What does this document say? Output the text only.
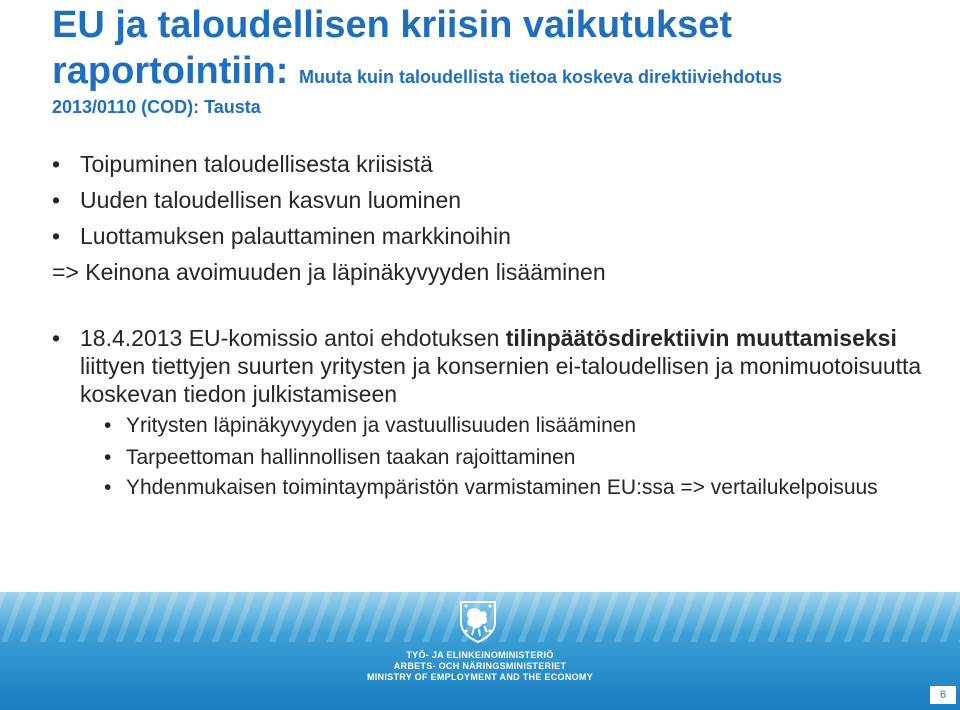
EU ja taloudellisen kriisin vaikutukset
raportointiin: Muuta kuin taloudellista tietoa koskeva direktiiviehdotus
2013/0110 (COD): Tausta
• Toipuminen taloudellisesta kriisistä
• Uuden taloudellisen kasvun luominen
• Luottamuksen palauttaminen markkinoihin
=> Keinona avoimuuden ja läpinäkyvyyden lisääminen
• 18.4.2013 EU-komissio antoi ehdotuksen tilinpäätösdirektiivin muuttamiseksi liittyen tiettyjen suurten yritysten ja konsernien ei-taloudellisen ja monimuotoisuutta koskevan tiedon julkistamiseen
• Yritysten läpinäkyvyyden ja vastuullisuuden lisääminen
• Tarpeettoman hallinnollisen taakan rajoittaminen
• Yhdenmukaisen toimintaympäristön varmistaminen EU:ssa => vertailukelpoisuus
TYÖ- JA ELINKEINOMINISTERIÖ
ARBETS- OCH NÄRINGSMINISTERIET
MINISTRY OF EMPLOYMENT AND THE ECONOMY
6
